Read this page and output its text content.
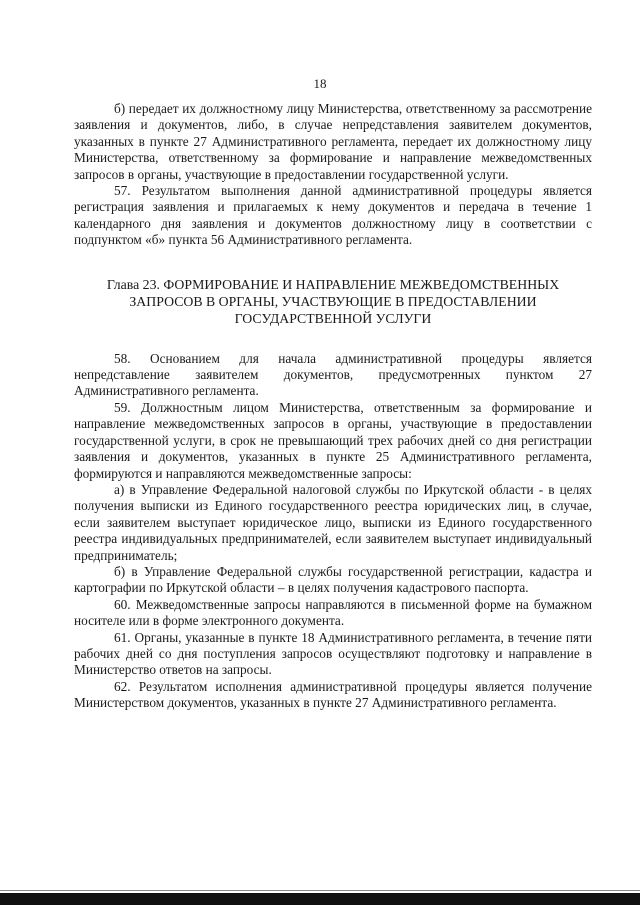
18

б) передает их должностному лицу Министерства, ответственному за рассмотрение заявления и документов, либо, в случае непредставления заявителем документов, указанных в пункте 27 Административного регламента, передает их должностному лицу Министерства, ответственному за формирование и направление межведомственных запросов в органы, участвующие в предоставлении государственной услуги.

57. Результатом выполнения данной административной процедуры является регистрация заявления и прилагаемых к нему документов и передача в течение 1 календарного дня заявления и документов должностному лицу в соответствии с подпунктом «б» пункта 56 Административного регламента.

Глава 23. ФОРМИРОВАНИЕ И НАПРАВЛЕНИЕ МЕЖВЕДОМСТВЕННЫХ ЗАПРОСОВ В ОРГАНЫ, УЧАСТВУЮЩИЕ В ПРЕДОСТАВЛЕНИИ ГОСУДАРСТВЕННОЙ УСЛУГИ

58. Основанием для начала административной процедуры является непредставление заявителем документов, предусмотренных пунктом 27 Административного регламента.

59. Должностным лицом Министерства, ответственным за формирование и направление межведомственных запросов в органы, участвующие в предоставлении государственной услуги, в срок не превышающий трех рабочих дней со дня регистрации заявления и документов, указанных в пункте 25 Административного регламента, формируются и направляются межведомственные запросы:

а) в Управление Федеральной налоговой службы по Иркутской области - в целях получения выписки из Единого государственного реестра юридических лиц, в случае, если заявителем выступает юридическое лицо, выписки из Единого государственного реестра индивидуальных предпринимателей, если заявителем выступает индивидуальный предприниматель;

б) в Управление Федеральной службы государственной регистрации, кадастра и картографии по Иркутской области – в целях получения кадастрового паспорта.

60. Межведомственные запросы направляются в письменной форме на бумажном носителе или в форме электронного документа.

61. Органы, указанные в пункте 18 Административного регламента, в течение пяти рабочих дней со дня поступления запросов осуществляют подготовку и направление в Министерство ответов на запросы.

62. Результатом исполнения административной процедуры является получение Министерством документов, указанных в пункте 27 Административного регламента.
